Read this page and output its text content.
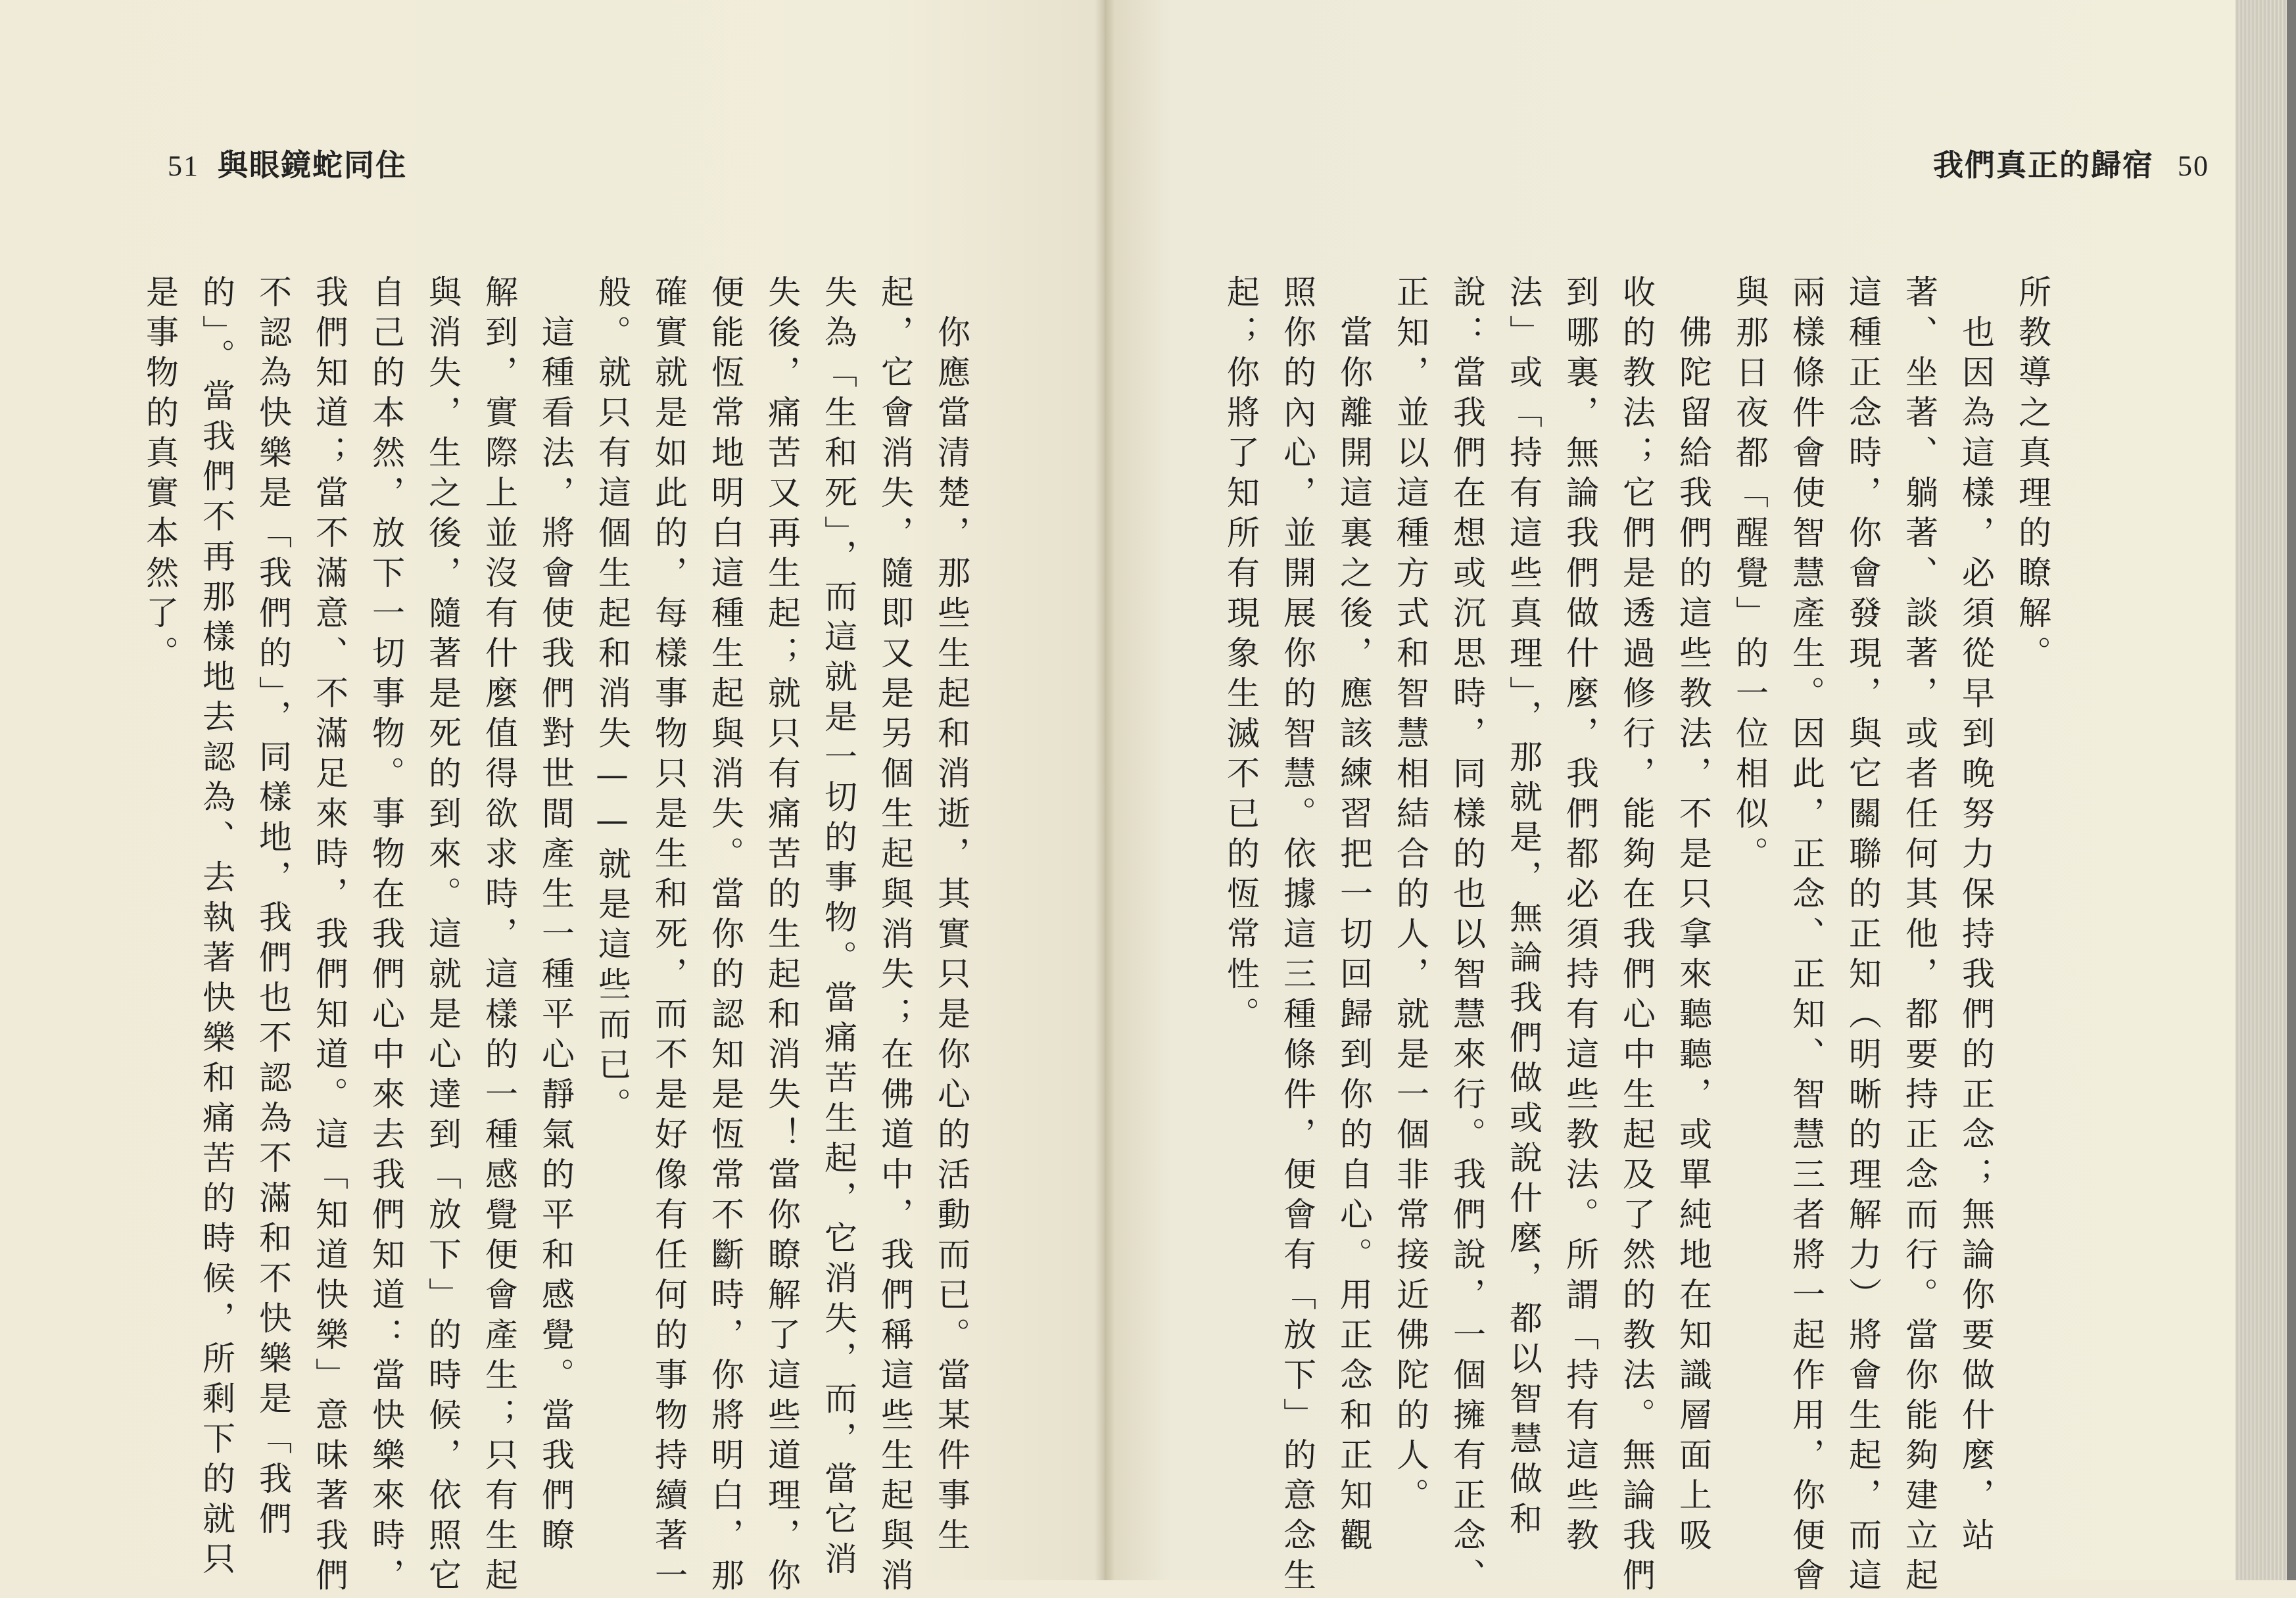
51 與眼鏡蛇同住
　你應當清楚，那些生起和消逝，其實只是你心的活動而已。當某件事生
起，它會消失，隨即又是另個生起與消失；在佛道中，我們稱這些生起與消
失為「生和死」，而這就是一切的事物。當痛苦生起，它消失，而，當它消
失後，痛苦又再生起；就只有痛苦的生起和消失！當你瞭解了這些道理，你
便能恆常地明白這種生起與消失。當你的認知是恆常不斷時，你將明白，那
確實就是如此的，每樣事物只是生和死，而不是好像有任何的事物持續著一
般。就只有這個生起和消失——就是這些而已。
　這種看法，將會使我們對世間產生一種平心靜氣的平和感覺。當我們瞭
解到，實際上並沒有什麼值得欲求時，這樣的一種感覺便會產生；只有生起
與消失，生之後，隨著是死的到來。這就是心達到「放下」的時候，依照它
自己的本然，放下一切事物。事物在我們心中來去我們知道：當快樂來時，
我們知道；當不滿意、不滿足來時，我們知道。這「知道快樂」意味著我們
不認為快樂是「我們的」，同樣地，我們也不認為不滿和不快樂是「我們
的」。當我們不再那樣地去認為、去執著快樂和痛苦的時候，所剩下的就只
是事物的真實本然了。
我們真正的歸宿 50
所教導之真理的瞭解。
　也因為這樣，必須從早到晚努力保持我們的正念；無論你要做什麼，站
著、坐著、躺著、談著，或者任何其他，都要持正念而行。當你能夠建立起
這種正念時，你會發現，與它關聯的正知（明晰的理解力）將會生起，而這
兩樣條件會使智慧產生。因此，正念、正知、智慧三者將一起作用，你便會
與那日夜都「醒覺」的一位相似。
　佛陀留給我們的這些教法，不是只拿來聽聽，或單純地在知識層面上吸
收的教法；它們是透過修行，能夠在我們心中生起及了然的教法。無論我們
到哪裏，無論我們做什麼，我們都必須持有這些教法。所謂「持有這些教
法」或「持有這些真理」，那就是，無論我們做或說什麼，都以智慧做和
說：當我們在想或沉思時，同樣的也以智慧來行。我們說，一個擁有正念、
正知，並以這種方式和智慧相結合的人，就是一個非常接近佛陀的人。
　當你離開這裏之後，應該練習把一切回歸到你的自心。用正念和正知觀
照你的內心，並開展你的智慧。依據這三種條件，便會有「放下」的意念生
起；你將了知所有現象生滅不已的恆常性。
